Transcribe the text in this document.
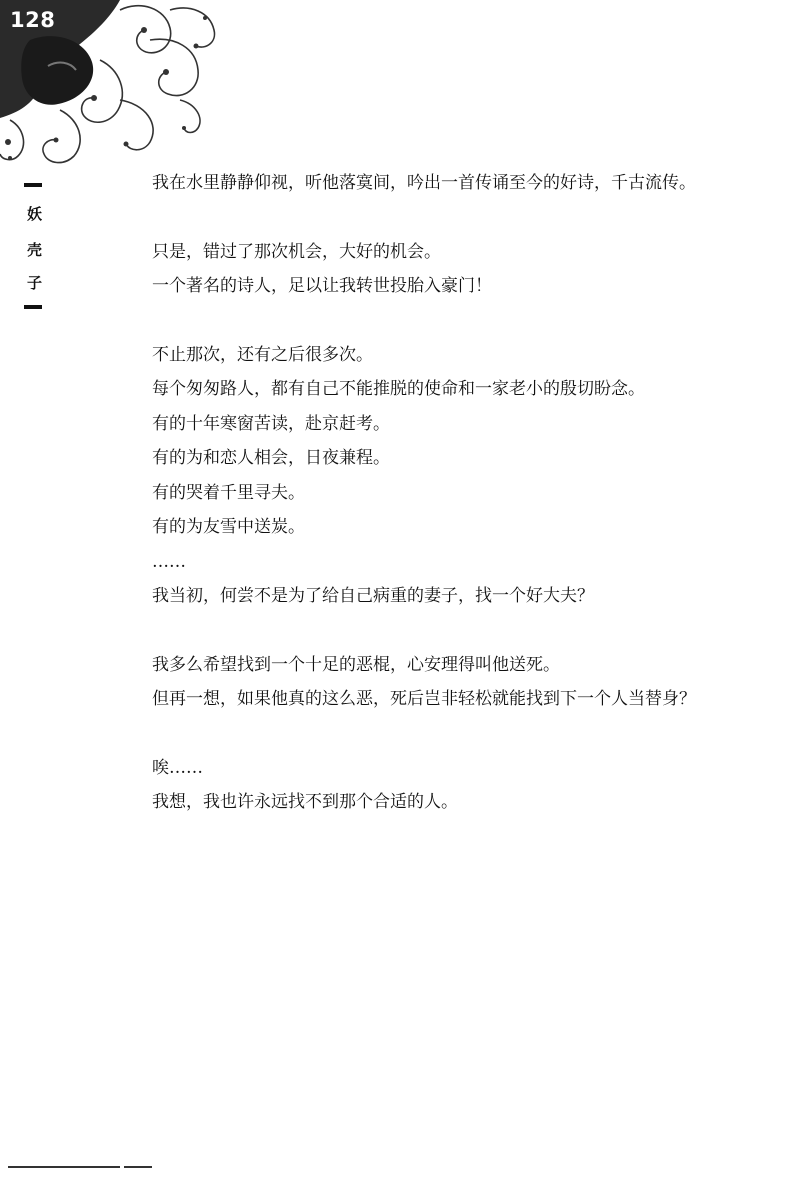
128
妖
壳
子

我在水里静静仰视，听他落寞间，吟出一首传诵至今的好诗，千古流传。

只是，错过了那次机会，大好的机会。

一个著名的诗人，足以让我转世投胎入豪门！

不止那次，还有之后很多次。

每个匆匆路人，都有自己不能推脱的使命和一家老小的殷切盼念。

有的十年寒窗苦读，赴京赶考。

有的为和恋人相会，日夜兼程。

有的哭着千里寻夫。

有的为友雪中送炭。

……

我当初，何尝不是为了给自己病重的妻子，找一个好大夫？

我多么希望找到一个十足的恶棍，心安理得叫他送死。

但再一想，如果他真的这么恶，死后岂非轻松就能找到下一个人当替身？

唉……

我想，我也许永远找不到那个合适的人。
